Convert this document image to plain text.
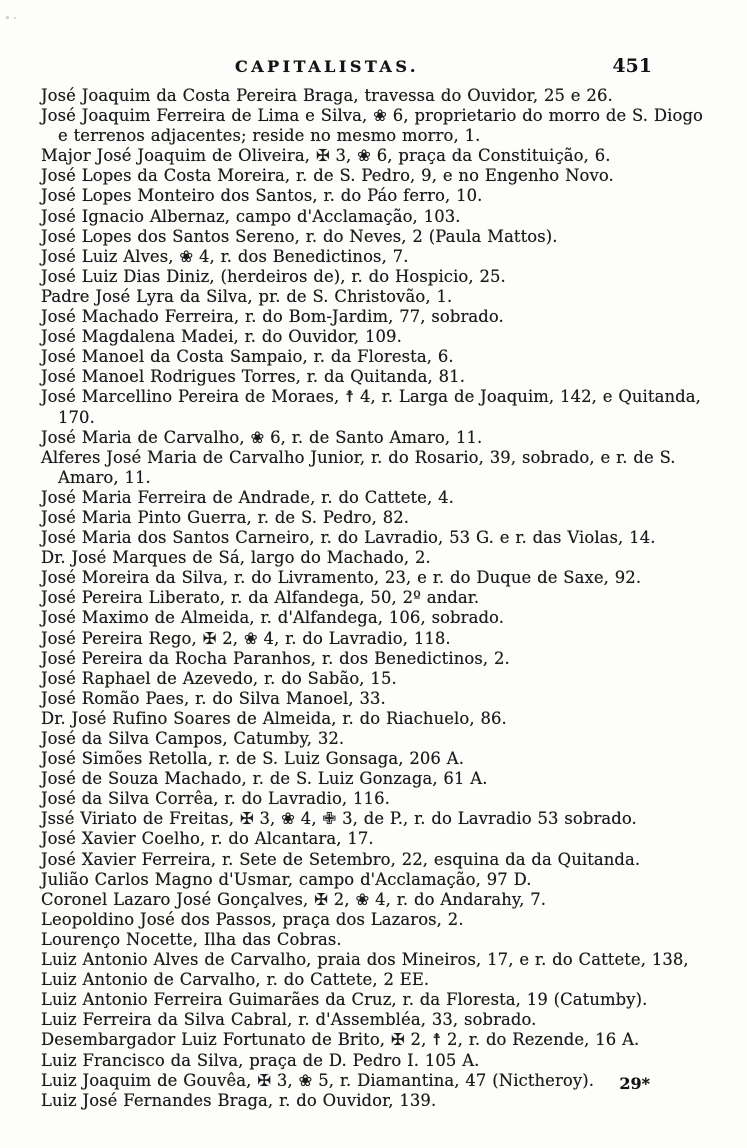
CAPITALISTAS.	451

José Joaquim da Costa Pereira Braga, travessa do Ouvidor, 25 e 26.

José Joaquim Ferreira de Lima e Silva, ❀ 6, proprietario do morro de S. Diogo e terrenos adjacentes; reside no mesmo morro, 1.

Major José Joaquim de Oliveira, ✠ 3, ❀ 6, praça da Constituição, 6.

José Lopes da Costa Moreira, r. de S. Pedro, 9, e no Engenho Novo.

José Lopes Monteiro dos Santos, r. do Páo ferro, 10.

José Ignacio Albernaz, campo d'Acclamação, 103.

José Lopes dos Santos Sereno, r. do Neves, 2 (Paula Mattos).

José Luiz Alves, ❀ 4, r. dos Benedictinos, 7.

José Luiz Dias Diniz, (herdeiros de), r. do Hospicio, 25.

Padre José Lyra da Silva, pr. de S. Christovão, 1.

José Machado Ferreira, r. do Bom-Jardim, 77, sobrado.

José Magdalena Madei, r. do Ouvidor, 109.

José Manoel da Costa Sampaio, r. da Floresta, 6.

José Manoel Rodrigues Torres, r. da Quitanda, 81.

José Marcellino Pereira de Moraes, ☨ 4, r. Larga de Joaquim, 142, e Quitanda, 170.

José Maria de Carvalho, ❀ 6, r. de Santo Amaro, 11.

Alferes José Maria de Carvalho Junior, r. do Rosario, 39, sobrado, e r. de S. Amaro, 11.

José Maria Ferreira de Andrade, r. do Cattete, 4.

José Maria Pinto Guerra, r. de S. Pedro, 82.

José Maria dos Santos Carneiro, r. do Lavradio, 53 G. e r. das Violas, 14.

Dr. José Marques de Sá, largo do Machado, 2.

José Moreira da Silva, r. do Livramento, 23, e r. do Duque de Saxe, 92.

José Pereira Liberato, r. da Alfandega, 50, 2º andar.

José Maximo de Almeida, r. d'Alfandega, 106, sobrado.

José Pereira Rego, ✠ 2, ❀ 4, r. do Lavradio, 118.

José Pereira da Rocha Paranhos, r. dos Benedictinos, 2.

José Raphael de Azevedo, r. do Sabão, 15.

José Romão Paes, r. do Silva Manoel, 33.

Dr. José Rufino Soares de Almeida, r. do Riachuelo, 86.

José da Silva Campos, Catumby, 32.

José Simões Retolla, r. de S. Luiz Gonsaga, 206 A.

José de Souza Machado, r. de S. Luiz Gonzaga, 61 A.

José da Silva Corrêa, r. do Lavradio, 116.

Jssé Viriato de Freitas, ✠ 3, ❀ 4, ✙ 3, de P., r. do Lavradio 53 sobrado.

José Xavier Coelho, r. do Alcantara, 17.

José Xavier Ferreira, r. Sete de Setembro, 22, esquina da da Quitanda.

Julião Carlos Magno d'Usmar, campo d'Acclamação, 97 D.

Coronel Lazaro José Gonçalves, ✠ 2, ❀ 4, r. do Andarahy, 7.

Leopoldino José dos Passos, praça dos Lazaros, 2.

Lourenço Nocette, Ilha das Cobras.

Luiz Antonio Alves de Carvalho, praia dos Mineiros, 17, e r. do Cattete, 138,

Luiz Antonio de Carvalho, r. do Cattete, 2 EE.

Luiz Antonio Ferreira Guimarães da Cruz, r. da Floresta, 19 (Catumby).

Luiz Ferreira da Silva Cabral, r. d'Assembléa, 33, sobrado.

Desembargador Luiz Fortunato de Brito, ✠ 2, ☨ 2, r. do Rezende, 16 A.

Luiz Francisco da Silva, praça de D. Pedro I. 105 A.

Luiz Joaquim de Gouvêa, ✠ 3, ❀ 5, r. Diamantina, 47 (Nictheroy).

Luiz José Fernandes Braga, r. do Ouvidor, 139.

29*
